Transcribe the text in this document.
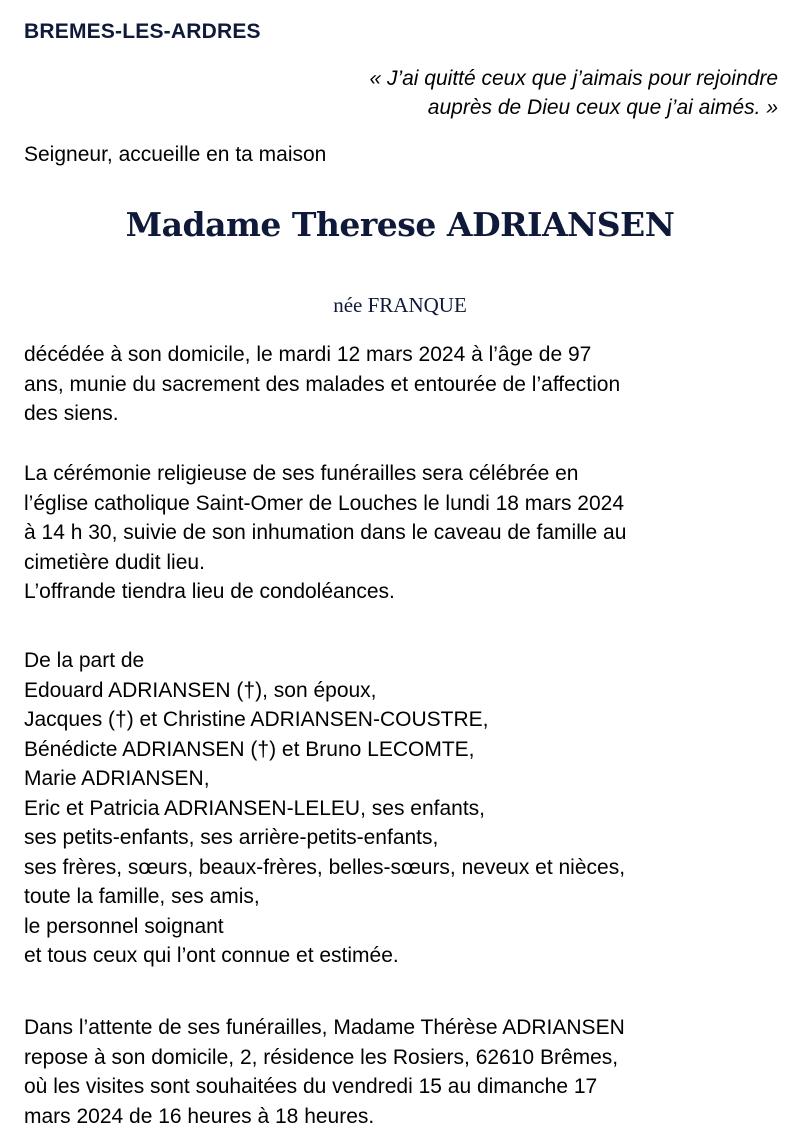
BREMES-LES-ARDRES
« J’ai quitté ceux que j’aimais pour rejoindre
auprès de Dieu ceux que j’ai aimés. »
Seigneur, accueille en ta maison
Madame Therese ADRIANSEN
née FRANQUE
décédée à son domicile, le mardi 12 mars 2024 à l’âge de 97
ans, munie du sacrement des malades et entourée de l’affection
des siens.
La cérémonie religieuse de ses funérailles sera célébrée en
l’église catholique Saint-Omer de Louches le lundi 18 mars 2024
à 14 h 30, suivie de son inhumation dans le caveau de famille au
cimetière dudit lieu.
L’offrande tiendra lieu de condoléances.
De la part de
Edouard ADRIANSEN (†), son époux,
Jacques (†) et Christine ADRIANSEN-COUSTRE,
Bénédicte ADRIANSEN (†) et Bruno LECOMTE,
Marie ADRIANSEN,
Eric et Patricia ADRIANSEN-LELEU, ses enfants,
ses petits-enfants, ses arrière-petits-enfants,
ses frères, sœurs, beaux-frères, belles-sœurs, neveux et nièces,
toute la famille, ses amis,
le personnel soignant
et tous ceux qui l’ont connue et estimée.
Dans l’attente de ses funérailles, Madame Thérèse ADRIANSEN
repose à son domicile, 2, résidence les Rosiers, 62610 Brêmes,
où les visites sont souhaitées du vendredi 15 au dimanche 17
mars 2024 de 16 heures à 18 heures.
